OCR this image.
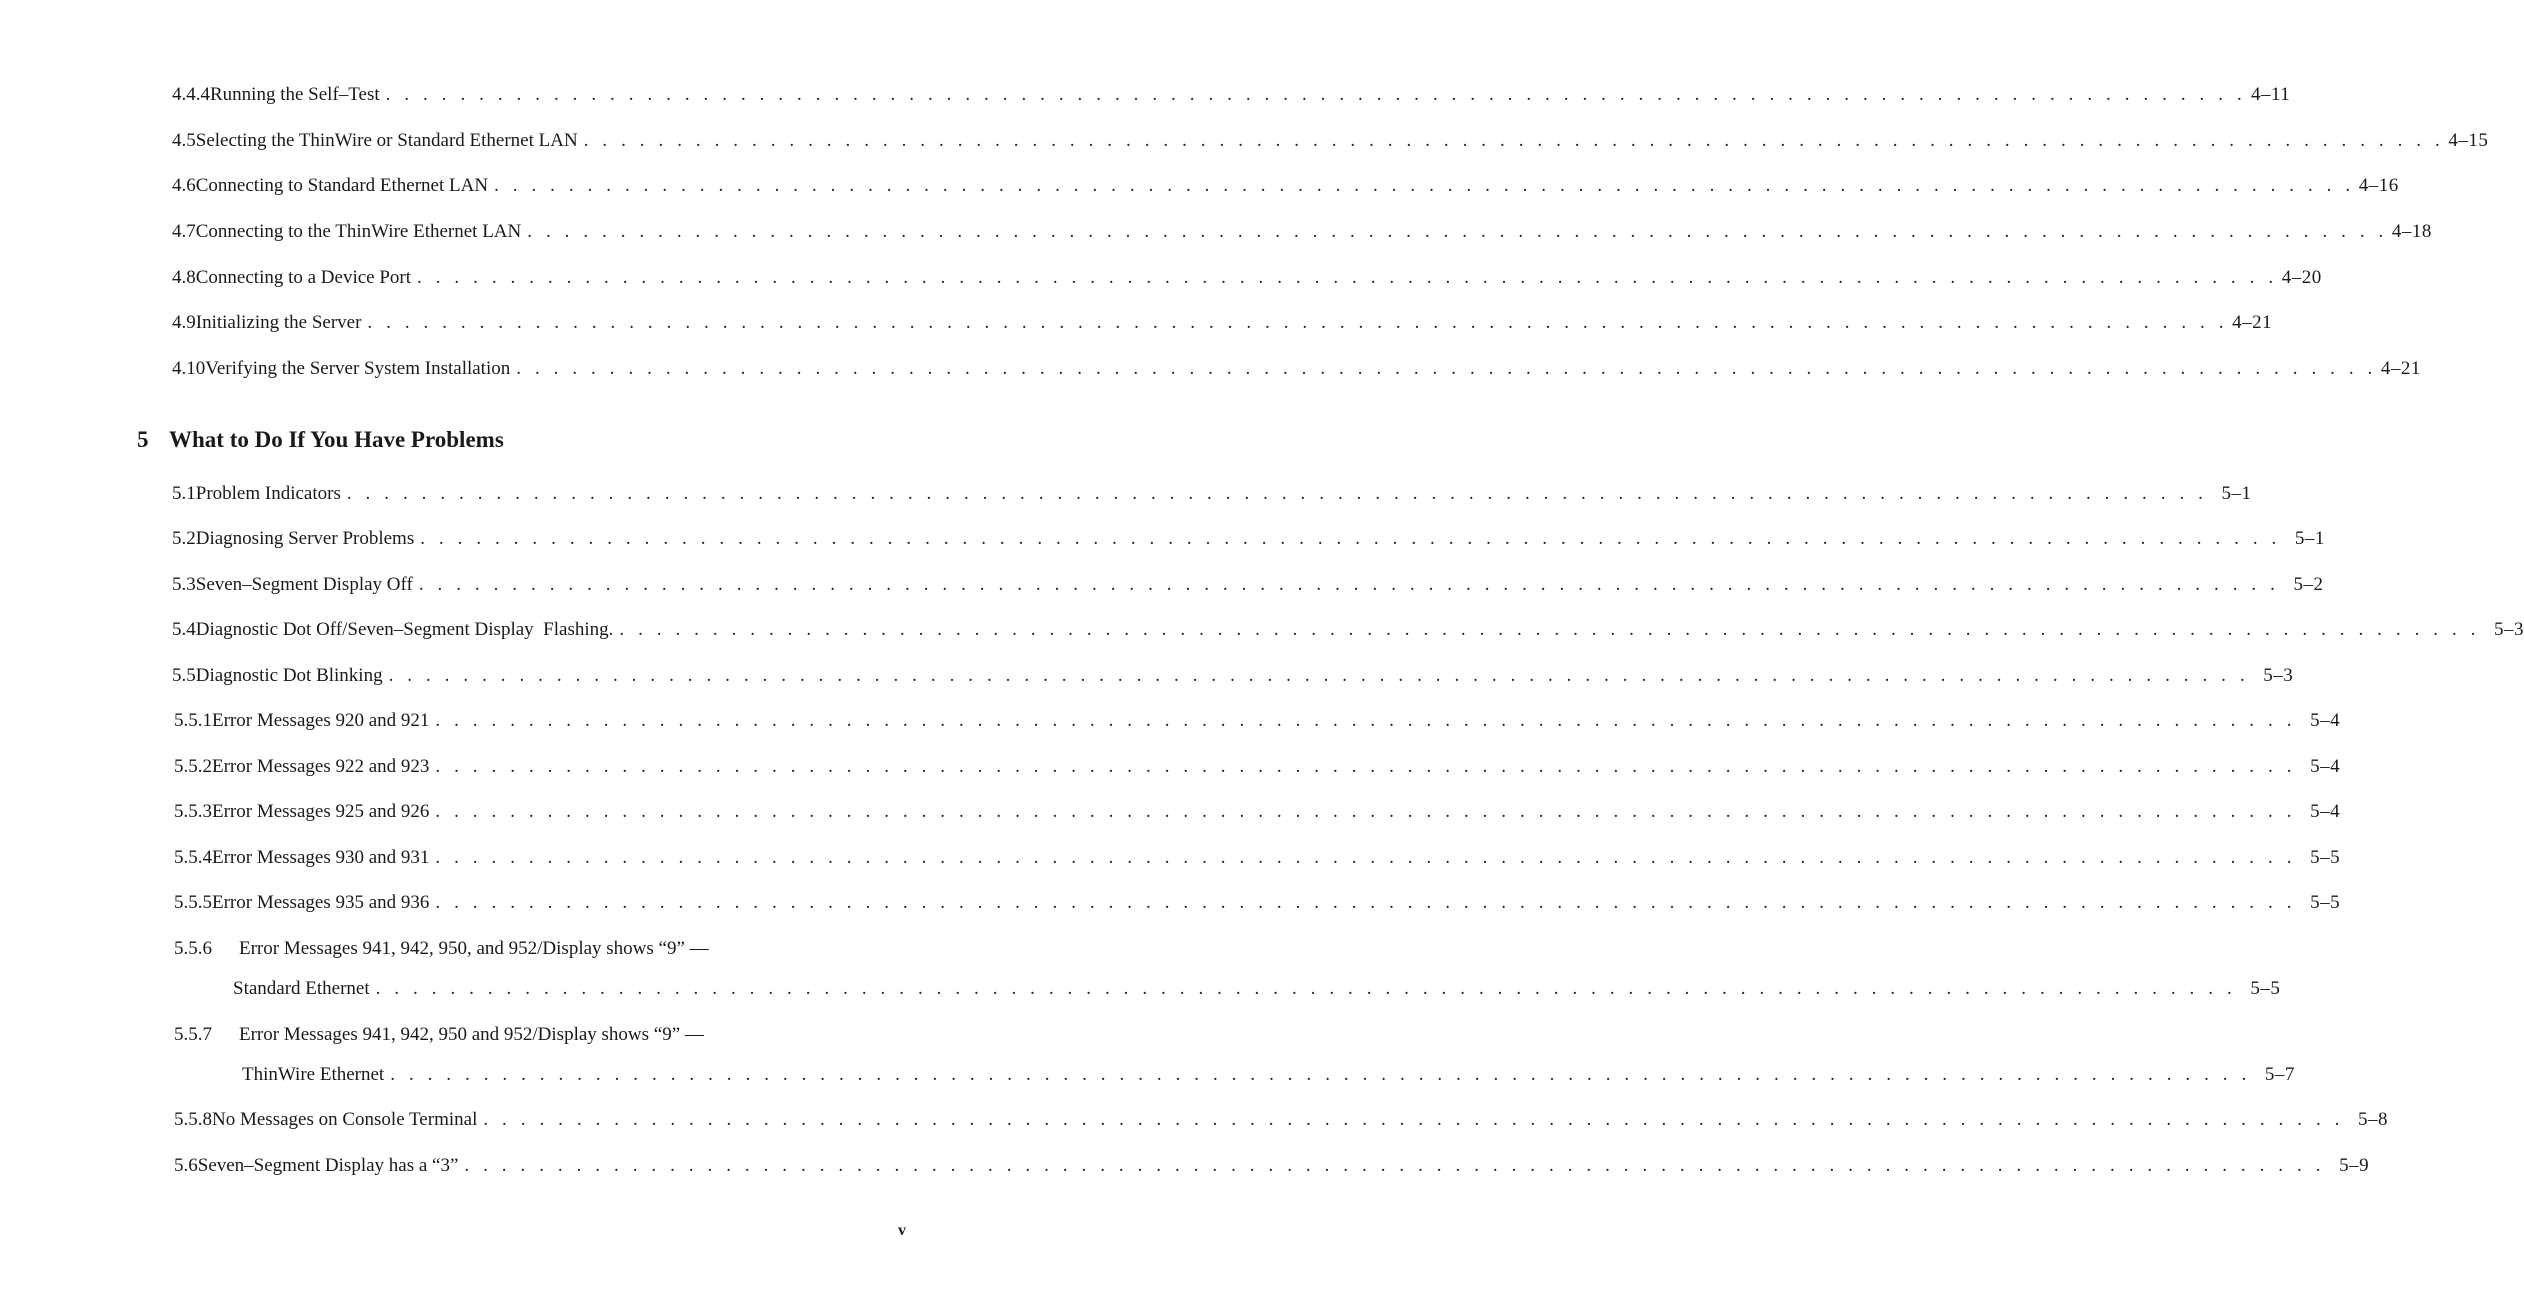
4.4.4 Running the Self–Test . . . . . . . . . . . . . . . . . . . . . . . . . . . . . . . . . . . . . . . . . . . . . . . . . . . . . . . . . . . . . . . . . . . . . . . . . . . . . . . . . . . . . . . . . . . . . . . . . . . . 4–11
4.5 Selecting the ThinWire or Standard Ethernet LAN . . . . . . . . . . . . . . . . . . . . . . . . . . . . . . . . . . . . . . . . . . . . . . . . . . . . . . . . . . . . . . . . . . . . . . . . . . . . . . . . . . . . . . . . . . . . . . . . . . . . 4–15
4.6 Connecting to Standard Ethernet LAN . . . . . . . . . . . . . . . . . . . . . . . . . . . . . . . . . . . . . . . . . . . . . . . . . . . . . . . . . . . . . . . . . . . . . . . . . . . . . . . . . . . . . . . . . . . . . . . . . . . . 4–16
4.7 Connecting to the ThinWire Ethernet LAN . . . . . . . . . . . . . . . . . . . . . . . . . . . . . . . . . . . . . . . . . . . . . . . . . . . . . . . . . . . . . . . . . . . . . . . . . . . . . . . . . . . . . . . . . . . . . . . . . . . . 4–18
4.8 Connecting to a Device Port . . . . . . . . . . . . . . . . . . . . . . . . . . . . . . . . . . . . . . . . . . . . . . . . . . . . . . . . . . . . . . . . . . . . . . . . . . . . . . . . . . . . . . . . . . . . . . . . . . . . 4–20
4.9 Initializing the Server . . . . . . . . . . . . . . . . . . . . . . . . . . . . . . . . . . . . . . . . . . . . . . . . . . . . . . . . . . . . . . . . . . . . . . . . . . . . . . . . . . . . . . . . . . . . . . . . . . . . 4–21
4.10 Verifying the Server System Installation . . . . . . . . . . . . . . . . . . . . . . . . . . . . . . . . . . . . . . . . . . . . . . . . . . . . . . . . . . . . . . . . . . . . . . . . . . . . . . . . . . . . . . . . . . . . . . . . . . . . 4–21
5 What to Do If You Have Problems
5.1 Problem Indicators . . . . . . . . . . . . . . . . . . . . . . . . . . . . . . . . . . . . . . . . . . . . . . . . . . . . . . . . . . . . . . . . . . . . . . . . . . . . . . . . . . . . . . . . . . . . . . . . . . . . 5–1
5.2 Diagnosing Server Problems . . . . . . . . . . . . . . . . . . . . . . . . . . . . . . . . . . . . . . . . . . . . . . . . . . . . . . . . . . . . . . . . . . . . . . . . . . . . . . . . . . . . . . . . . . . . . . . . . . . . 5–1
5.3 Seven–Segment Display Off . . . . . . . . . . . . . . . . . . . . . . . . . . . . . . . . . . . . . . . . . . . . . . . . . . . . . . . . . . . . . . . . . . . . . . . . . . . . . . . . . . . . . . . . . . . . . . . . . . . . 5–2
5.4 Diagnostic Dot Off/Seven–Segment Display  Flashing. . . . . . . . . . . . . . . . . . . . . . . . . . . . . . . . . . . . . . . . . . . . . . . . . . . . . . . . . . . . . . . . . . . . . . . . . . . . . . . . . . . . . . . . . . . . . . . . . . . . . 5–3
5.5 Diagnostic Dot Blinking . . . . . . . . . . . . . . . . . . . . . . . . . . . . . . . . . . . . . . . . . . . . . . . . . . . . . . . . . . . . . . . . . . . . . . . . . . . . . . . . . . . . . . . . . . . . . . . . . . . . 5–3
5.5.1 Error Messages 920 and 921 . . . . . . . . . . . . . . . . . . . . . . . . . . . . . . . . . . . . . . . . . . . . . . . . . . . . . . . . . . . . . . . . . . . . . . . . . . . . . . . . . . . . . . . . . . . . . . . . . . . . 5–4
5.5.2 Error Messages 922 and 923 . . . . . . . . . . . . . . . . . . . . . . . . . . . . . . . . . . . . . . . . . . . . . . . . . . . . . . . . . . . . . . . . . . . . . . . . . . . . . . . . . . . . . . . . . . . . . . . . . . . . 5–4
5.5.3 Error Messages 925 and 926 . . . . . . . . . . . . . . . . . . . . . . . . . . . . . . . . . . . . . . . . . . . . . . . . . . . . . . . . . . . . . . . . . . . . . . . . . . . . . . . . . . . . . . . . . . . . . . . . . . . . 5–4
5.5.4 Error Messages 930 and 931 . . . . . . . . . . . . . . . . . . . . . . . . . . . . . . . . . . . . . . . . . . . . . . . . . . . . . . . . . . . . . . . . . . . . . . . . . . . . . . . . . . . . . . . . . . . . . . . . . . . . 5–5
5.5.5 Error Messages 935 and 936 . . . . . . . . . . . . . . . . . . . . . . . . . . . . . . . . . . . . . . . . . . . . . . . . . . . . . . . . . . . . . . . . . . . . . . . . . . . . . . . . . . . . . . . . . . . . . . . . . . . . 5–5
5.5.6 Error Messages 941, 942, 950, and 952/Display shows “9” —
Standard Ethernet . . . . . . . . . . . . . . . . . . . . . . . . . . . . . . . . . . . . . . . . . . . . . . . . . . . . . . . . . . . . . . . . . . . . . . . . . . . . . . . . . . . . . . . . . . . . . . . . . . . . 5–5
5.5.7 Error Messages 941, 942, 950 and 952/Display shows “9” —
ThinWire Ethernet . . . . . . . . . . . . . . . . . . . . . . . . . . . . . . . . . . . . . . . . . . . . . . . . . . . . . . . . . . . . . . . . . . . . . . . . . . . . . . . . . . . . . . . . . . . . . . . . . . . . 5–7
5.5.8 No Messages on Console Terminal . . . . . . . . . . . . . . . . . . . . . . . . . . . . . . . . . . . . . . . . . . . . . . . . . . . . . . . . . . . . . . . . . . . . . . . . . . . . . . . . . . . . . . . . . . . . . . . . . . . . 5–8
5.6 Seven–Segment Display has a “3” . . . . . . . . . . . . . . . . . . . . . . . . . . . . . . . . . . . . . . . . . . . . . . . . . . . . . . . . . . . . . . . . . . . . . . . . . . . . . . . . . . . . . . . . . . . . . . . . . . . . 5–9
v
